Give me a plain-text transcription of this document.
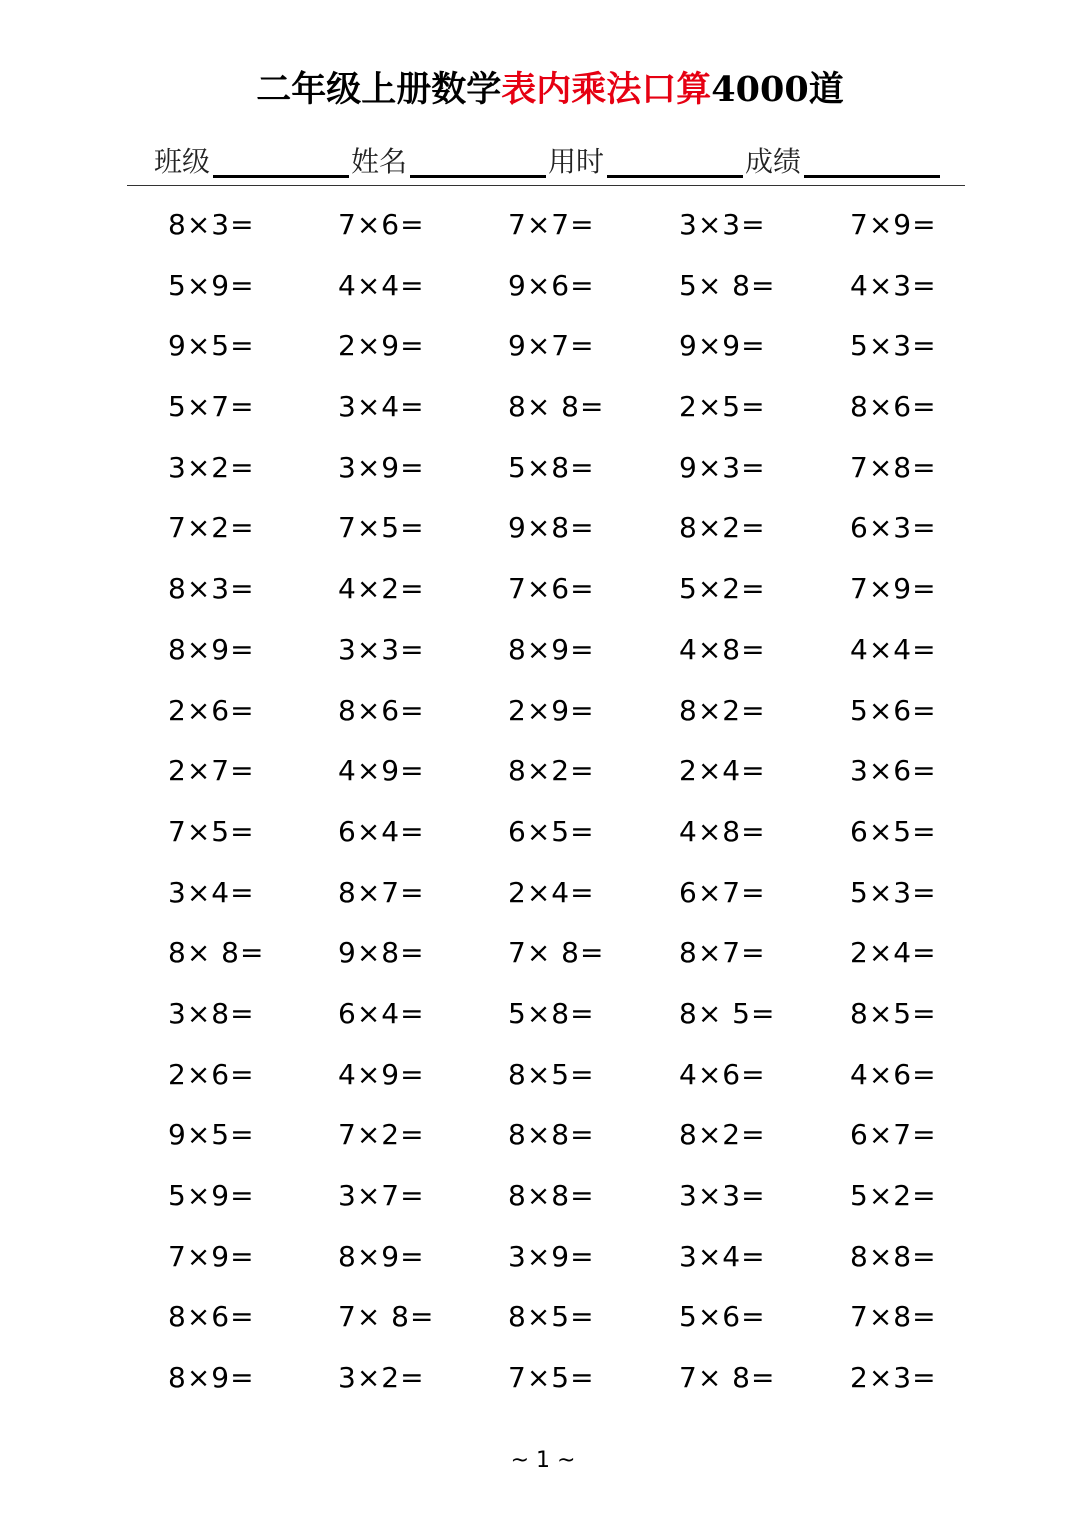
二年级上册数学表内乘法口算4000道
班级	姓名	用时	成绩
8×3=	7×6=	7×7=	3×3=	7×9=
5×9=	4×4=	9×6=	5× 8=	4×3=
9×5=	2×9=	9×7=	9×9=	5×3=
5×7=	3×4=	8× 8=	2×5=	8×6=
3×2=	3×9=	5×8=	9×3=	7×8=
7×2=	7×5=	9×8=	8×2=	6×3=
8×3=	4×2=	7×6=	5×2=	7×9=
8×9=	3×3=	8×9=	4×8=	4×4=
2×6=	8×6=	2×9=	8×2=	5×6=
2×7=	4×9=	8×2=	2×4=	3×6=
7×5=	6×4=	6×5=	4×8=	6×5=
3×4=	8×7=	2×4=	6×7=	5×3=
8× 8=	9×8=	7× 8=	8×7=	2×4=
3×8=	6×4=	5×8=	8× 5=	8×5=
2×6=	4×9=	8×5=	4×6=	4×6=
9×5=	7×2=	8×8=	8×2=	6×7=
5×9=	3×7=	8×8=	3×3=	5×2=
7×9=	8×9=	3×9=	3×4=	8×8=
8×6=	7× 8=	8×5=	5×6=	7×8=
8×9=	3×2=	7×5=	7× 8=	2×3=
~ 1 ~
